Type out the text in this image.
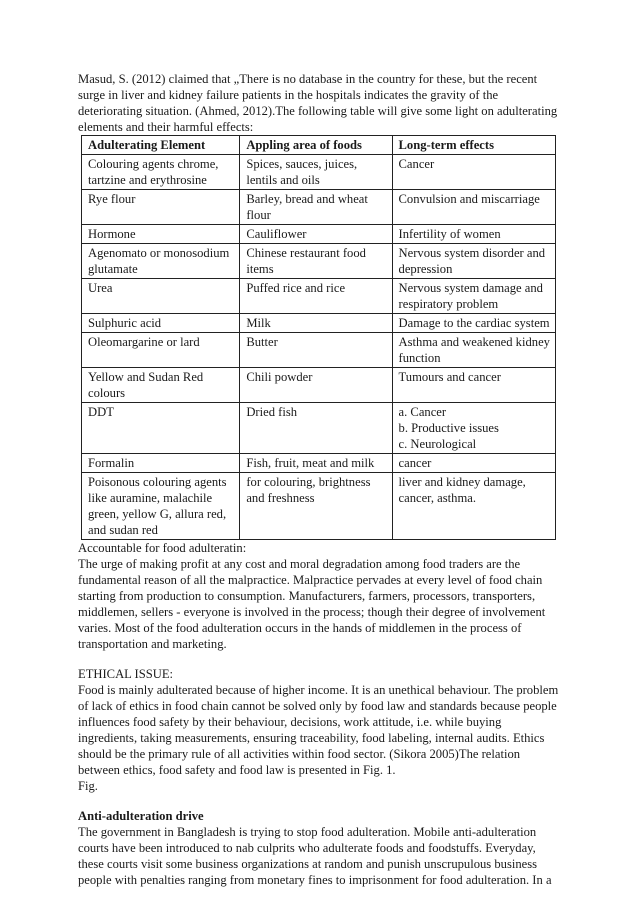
Masud, S. (2012) claimed that „There is no database in the country for these, but the recent surge in liver and kidney failure patients in the hospitals indicates the gravity of the deteriorating situation. (Ahmed, 2012).The following table will give some light on adulterating elements and their harmful effects:

Adulterating Element	Appling area of foods	Long-term effects
Colouring agents chrome, tartzine and erythrosine	Spices, sauces, juices, lentils and oils	Cancer

Rye flour	Barley, bread and wheat flour	Convulsion and miscarriage

Hormone	Cauliflower	Infertility of women

Agenomato or monosodium glutamate	Chinese restaurant food items	Nervous system disorder and depression

Urea	Puffed rice and rice	Nervous system damage and respiratory problem

Sulphuric acid	Milk	Damage to the cardiac system

Oleomargarine or lard	Butter	Asthma and weakened kidney function

Yellow and Sudan Red colours	Chili powder	Tumours and cancer

DDT	Dried fish	a. Cancer
b. Productive issues
c. Neurological

Formalin	Fish, fruit, meat and milk	cancer

Poisonous colouring agents like auramine, malachile green, yellow G, allura red, and sudan red	for colouring, brightness and freshness	liver and kidney damage, cancer, asthma.

Accountable for food adulteratin:

The urge of making profit at any cost and moral degradation among food traders are the fundamental reason of all the malpractice. Malpractice pervades at every level of food chain starting from production to consumption. Manufacturers, farmers, processors, transporters, middlemen, sellers - everyone is involved in the process; though their degree of involvement varies. Most of the food adulteration occurs in the hands of middlemen in the process of transportation and marketing.

ETHICAL ISSUE:

Food is mainly adulterated because of higher income. It is an unethical behaviour. The problem of lack of ethics in food chain cannot be solved only by food law and standards because people influences food safety by their behaviour, decisions, work attitude, i.e. while buying ingredients, taking measurements, ensuring traceability, food labeling, internal audits. Ethics should be the primary rule of all activities within food sector. (Sikora 2005)The relation between ethics, food safety and food law is presented in Fig. 1.

Fig.

Anti-adulteration drive

The government in Bangladesh is trying to stop food adulteration. Mobile anti-adulteration courts have been introduced to nab culprits who adulterate foods and foodstuffs. Everyday, these courts visit some business organizations at random and punish unscrupulous business people with penalties ranging from monetary fines to imprisonment for food adulteration. In a
